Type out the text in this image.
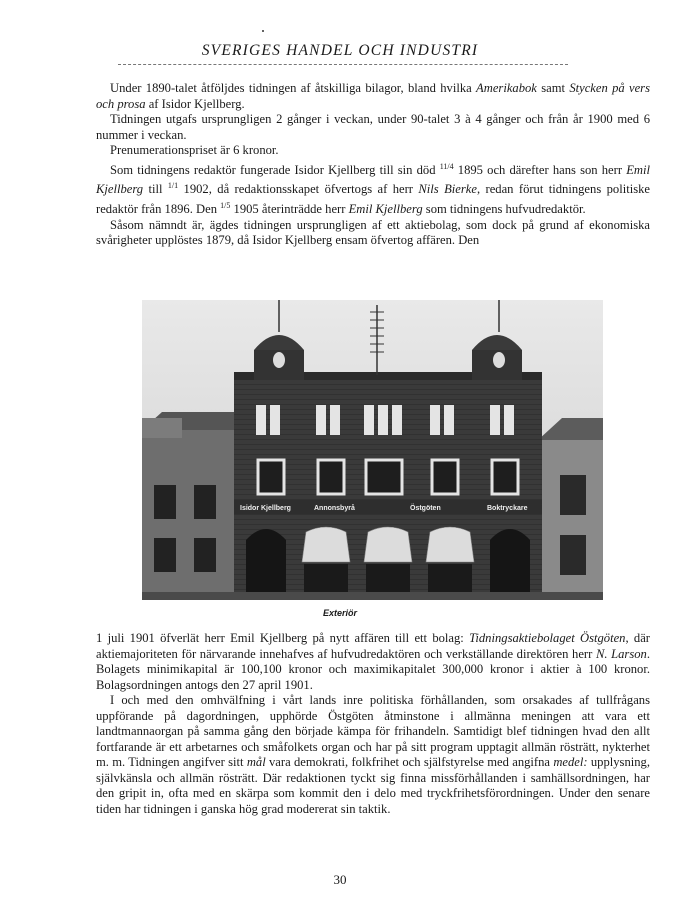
SVERIGES HANDEL OCH INDUSTRI

Under 1890-talet åtföljdes tidningen af åtskilliga bilagor, bland hvilka Amerikabok samt Stycken på vers och prosa af Isidor Kjellberg.

Tidningen utgafs ursprungligen 2 gånger i veckan, under 90-talet 3 à 4 gånger och från år 1900 med 6 nummer i veckan.

Prenumerationspriset är 6 kronor.

Som tidningens redaktör fungerade Isidor Kjellberg till sin död $^{11/4}$ 1895 och därefter hans son herr Emil Kjellberg till $^{1/1}$ 1902, då redaktionsskapet öfvertogs af herr Nils Bierke, redan förut tidningens politiske redaktör från 1896. Den $^{1/5}$ 1905 återinträdde herr Emil Kjellberg som tidningens hufvudredaktör.

Såsom nämndt är, ägdes tidningen ursprungligen af ett aktiebolag, som dock på grund af ekonomiska svårigheter upplöstes 1879, då Isidor Kjellberg ensam öfvertog affären. Den

Isidor Kjellberg	Annonsbyrå	Östgöten	Boktryckare
Exteriör

1 juli 1901 öfverlät herr Emil Kjellberg på nytt affären till ett bolag: Tidningsaktiebolaget Östgöten, där aktiemajoriteten för närvarande innehafves af hufvudredaktören och verkställande direktören herr N. Larson. Bolagets minimikapital är 100,100 kronor och maximikapitalet 300,000 kronor i aktier à 100 kronor. Bolagsordningen antogs den 27 april 1901.

I och med den omhvälfning i vårt lands inre politiska förhållanden, som orsakades af tullfrågans uppförande på dagordningen, upphörde Östgöten åtminstone i allmänna meningen att vara ett landtmannaorgan på samma gång den började kämpa för frihandeln. Samtidigt blef tidningen hvad den allt fortfarande är ett arbetarnes och småfolkets organ och har på sitt program upptagit allmän rösträtt, nykterhet m. m. Tidningen angifver sitt mål vara demokrati, folkfrihet och själfstyrelse med angifna medel: upplysning, självkänsla och allmän rösträtt. Där redaktionen tyckt sig finna missförhållanden i samhällsordningen, har den gripit in, ofta med en skärpa som kommit den i delo med tryckfrihetsförordningen. Under den senare tiden har tidningen i ganska hög grad modererat sin taktik.

30
